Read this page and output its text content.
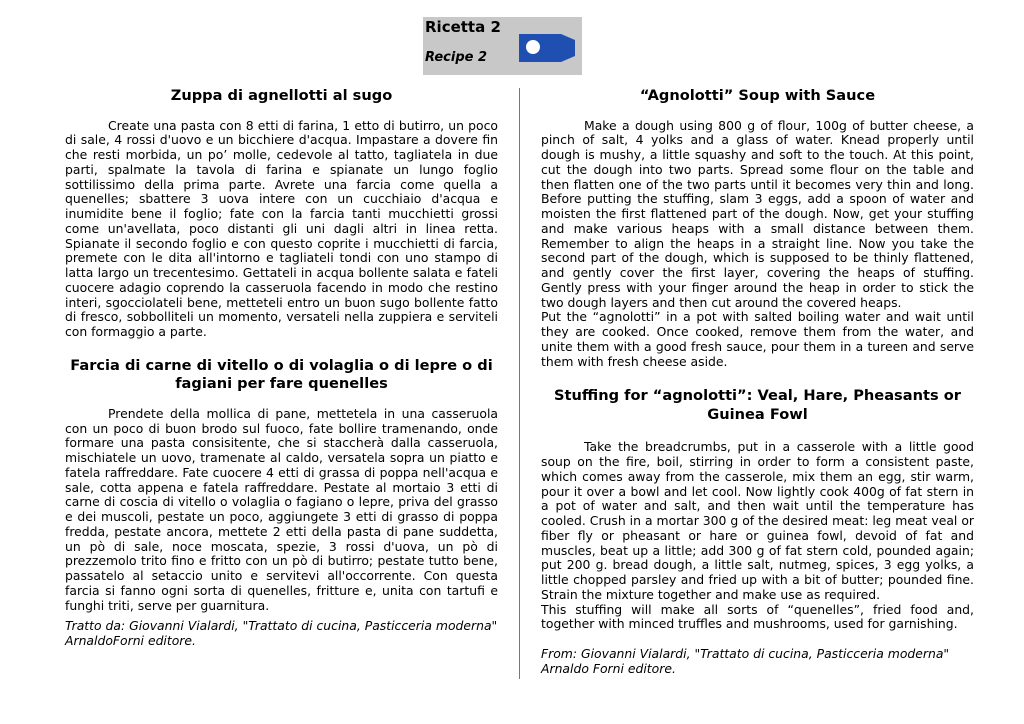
Ricetta 2
Recipe 2
Zuppa di agnellotti al sugo

Create una pasta con 8 etti di farina, 1 etto di butirro, un poco di sale, 4 rossi d'uovo e un bicchiere d'acqua. Impastare a dovere fin che resti morbida, un po’ molle, cedevole al tatto, tagliatela in due parti, spalmate la tavola di farina e spianate un lungo foglio sottilissimo della prima parte. Avrete una farcia come quella a quenelles; sbattere 3 uova intere con un cucchiaio d'acqua e inumidite bene il foglio; fate con la farcia tanti mucchietti grossi come un'avellata, poco distanti gli uni dagli altri in linea retta. Spianate il secondo foglio e con questo coprite i mucchietti di farcia, premete con le dita all'intorno e tagliateli tondi con uno stampo di latta largo un trecentesimo. Gettateli in acqua bollente salata e fateli cuocere adagio coprendo la casseruola facendo in modo che restino interi, sgocciolateli bene, metteteli entro un buon sugo bollente fatto di fresco, sobbolliteli un momento, versateli nella zuppiera e serviteli con formaggio a parte.

Farcia di carne di vitello o di volaglia o di lepre o di fagiani per fare quenelles

Prendete della mollica di pane, mettetela in una casseruola con un poco di buon brodo sul fuoco, fate bollire tramenando, onde formare una pasta consisitente, che si staccherà dalla casseruola, mischiatele un uovo, tramenate al caldo, versatela sopra un piatto e fatela raffreddare. Fate cuocere 4 etti di grassa di poppa nell'acqua e sale, cotta appena e fatela raffreddare. Pestate al mortaio 3 etti di carne di coscia di vitello o volaglia o fagiano o lepre, priva del grasso e dei muscoli, pestate un poco, aggiungete 3 etti di grasso di poppa fredda, pestate ancora, mettete 2 etti della pasta di pane suddetta, un pò di sale, noce moscata, spezie, 3 rossi d'uova, un pò di prezzemolo trito fino e fritto con un pò di butirro; pestate tutto bene, passatelo al setaccio unito e servitevi all'occorrente. Con questa farcia si fanno ogni sorta di quenelles, fritture e, unita con tartufi e funghi triti, serve per guarnitura.

Tratto da: Giovanni Vialardi, "Trattato di cucina, Pasticceria moderna" ArnaldoForni editore.

“Agnolotti” Soup with Sauce

Make a dough using 800 g of flour, 100g of butter cheese, a pinch of salt, 4 yolks and a glass of water. Knead properly until dough is mushy, a little squashy and soft to the touch. At this point, cut the dough into two parts. Spread some flour on the table and then flatten one of the two parts until it becomes very thin and long. Before putting the stuffing, slam 3 eggs, add a spoon of water and moisten the first flattened part of the dough. Now, get your stuffing and make various heaps with a small distance between them. Remember to align the heaps in a straight line. Now you take the second part of the dough, which is supposed to be thinly flattened, and gently cover the first layer, covering the heaps of stuffing. Gently press with your finger around the heap in order to stick the two dough layers and then cut around the covered heaps.

Put the “agnolotti” in a pot with salted boiling water and wait until they are cooked. Once cooked, remove them from the water, and unite them with a good fresh sauce, pour them in a tureen and serve them with fresh cheese aside.

Stuffing for “agnolotti”: Veal, Hare, Pheasants or Guinea Fowl

Take the breadcrumbs, put in a casserole with a little good soup on the fire, boil, stirring in order to form a consistent paste, which comes away from the casserole, mix them an egg, stir warm, pour it over a bowl and let cool. Now lightly cook 400g of fat stern in a pot of water and salt, and then wait until the temperature has cooled. Crush in a mortar 300 g of the desired meat: leg meat veal or fiber fly or pheasant or hare or guinea fowl, devoid of fat and muscles, beat up a little; add 300 g of fat stern cold, pounded again; put 200 g. bread dough, a little salt, nutmeg, spices, 3 egg yolks, a little chopped parsley and fried up with a bit of butter; pounded fine. Strain the mixture together and make use as required.

This stuffing will make all sorts of “quenelles”, fried food and, together with minced truffles and mushrooms, used for garnishing.

From: Giovanni Vialardi, "Trattato di cucina, Pasticceria moderna" Arnaldo Forni editore.
